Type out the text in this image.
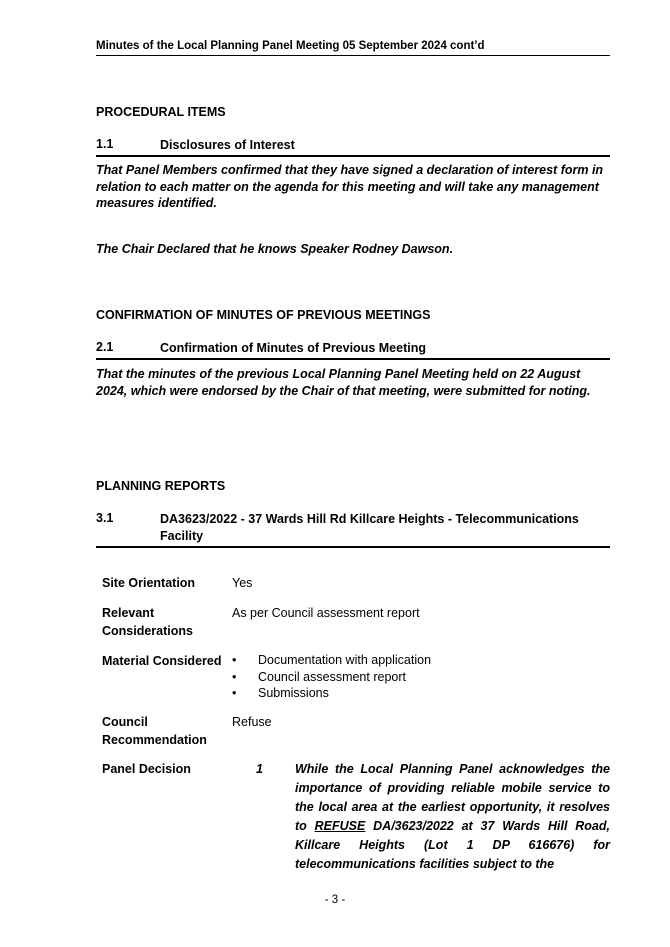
Minutes of the Local Planning Panel Meeting 05 September 2024 cont’d
PROCEDURAL ITEMS
1.1	Disclosures of Interest
That Panel Members confirmed that they have signed a declaration of interest form in relation to each matter on the agenda for this meeting and will take any management measures identified.
The Chair Declared that he knows Speaker Rodney Dawson.
CONFIRMATION OF MINUTES OF PREVIOUS MEETINGS
2.1	Confirmation of Minutes of Previous Meeting
That the minutes of the previous Local Planning Panel Meeting held on 22 August 2024, which were endorsed by the Chair of that meeting, were submitted for noting.
PLANNING REPORTS
3.1	DA3623/2022 - 37 Wards Hill Rd Killcare Heights - Telecommunications Facility
Site Orientation	Yes
Relevant Considerations
As per Council assessment report
Material Considered
•	Documentation with application
• Council assessment report
• Submissions
Council Recommendation
Refuse
Panel Decision	1	While the Local Planning Panel acknowledges the importance of providing reliable mobile service to the local area at the earliest opportunity, it resolves to REFUSE DA/3623/2022 at 37 Wards Hill Road, Killcare Heights (Lot 1 DP 616676) for telecommunications facilities subject to the
- 3 -
